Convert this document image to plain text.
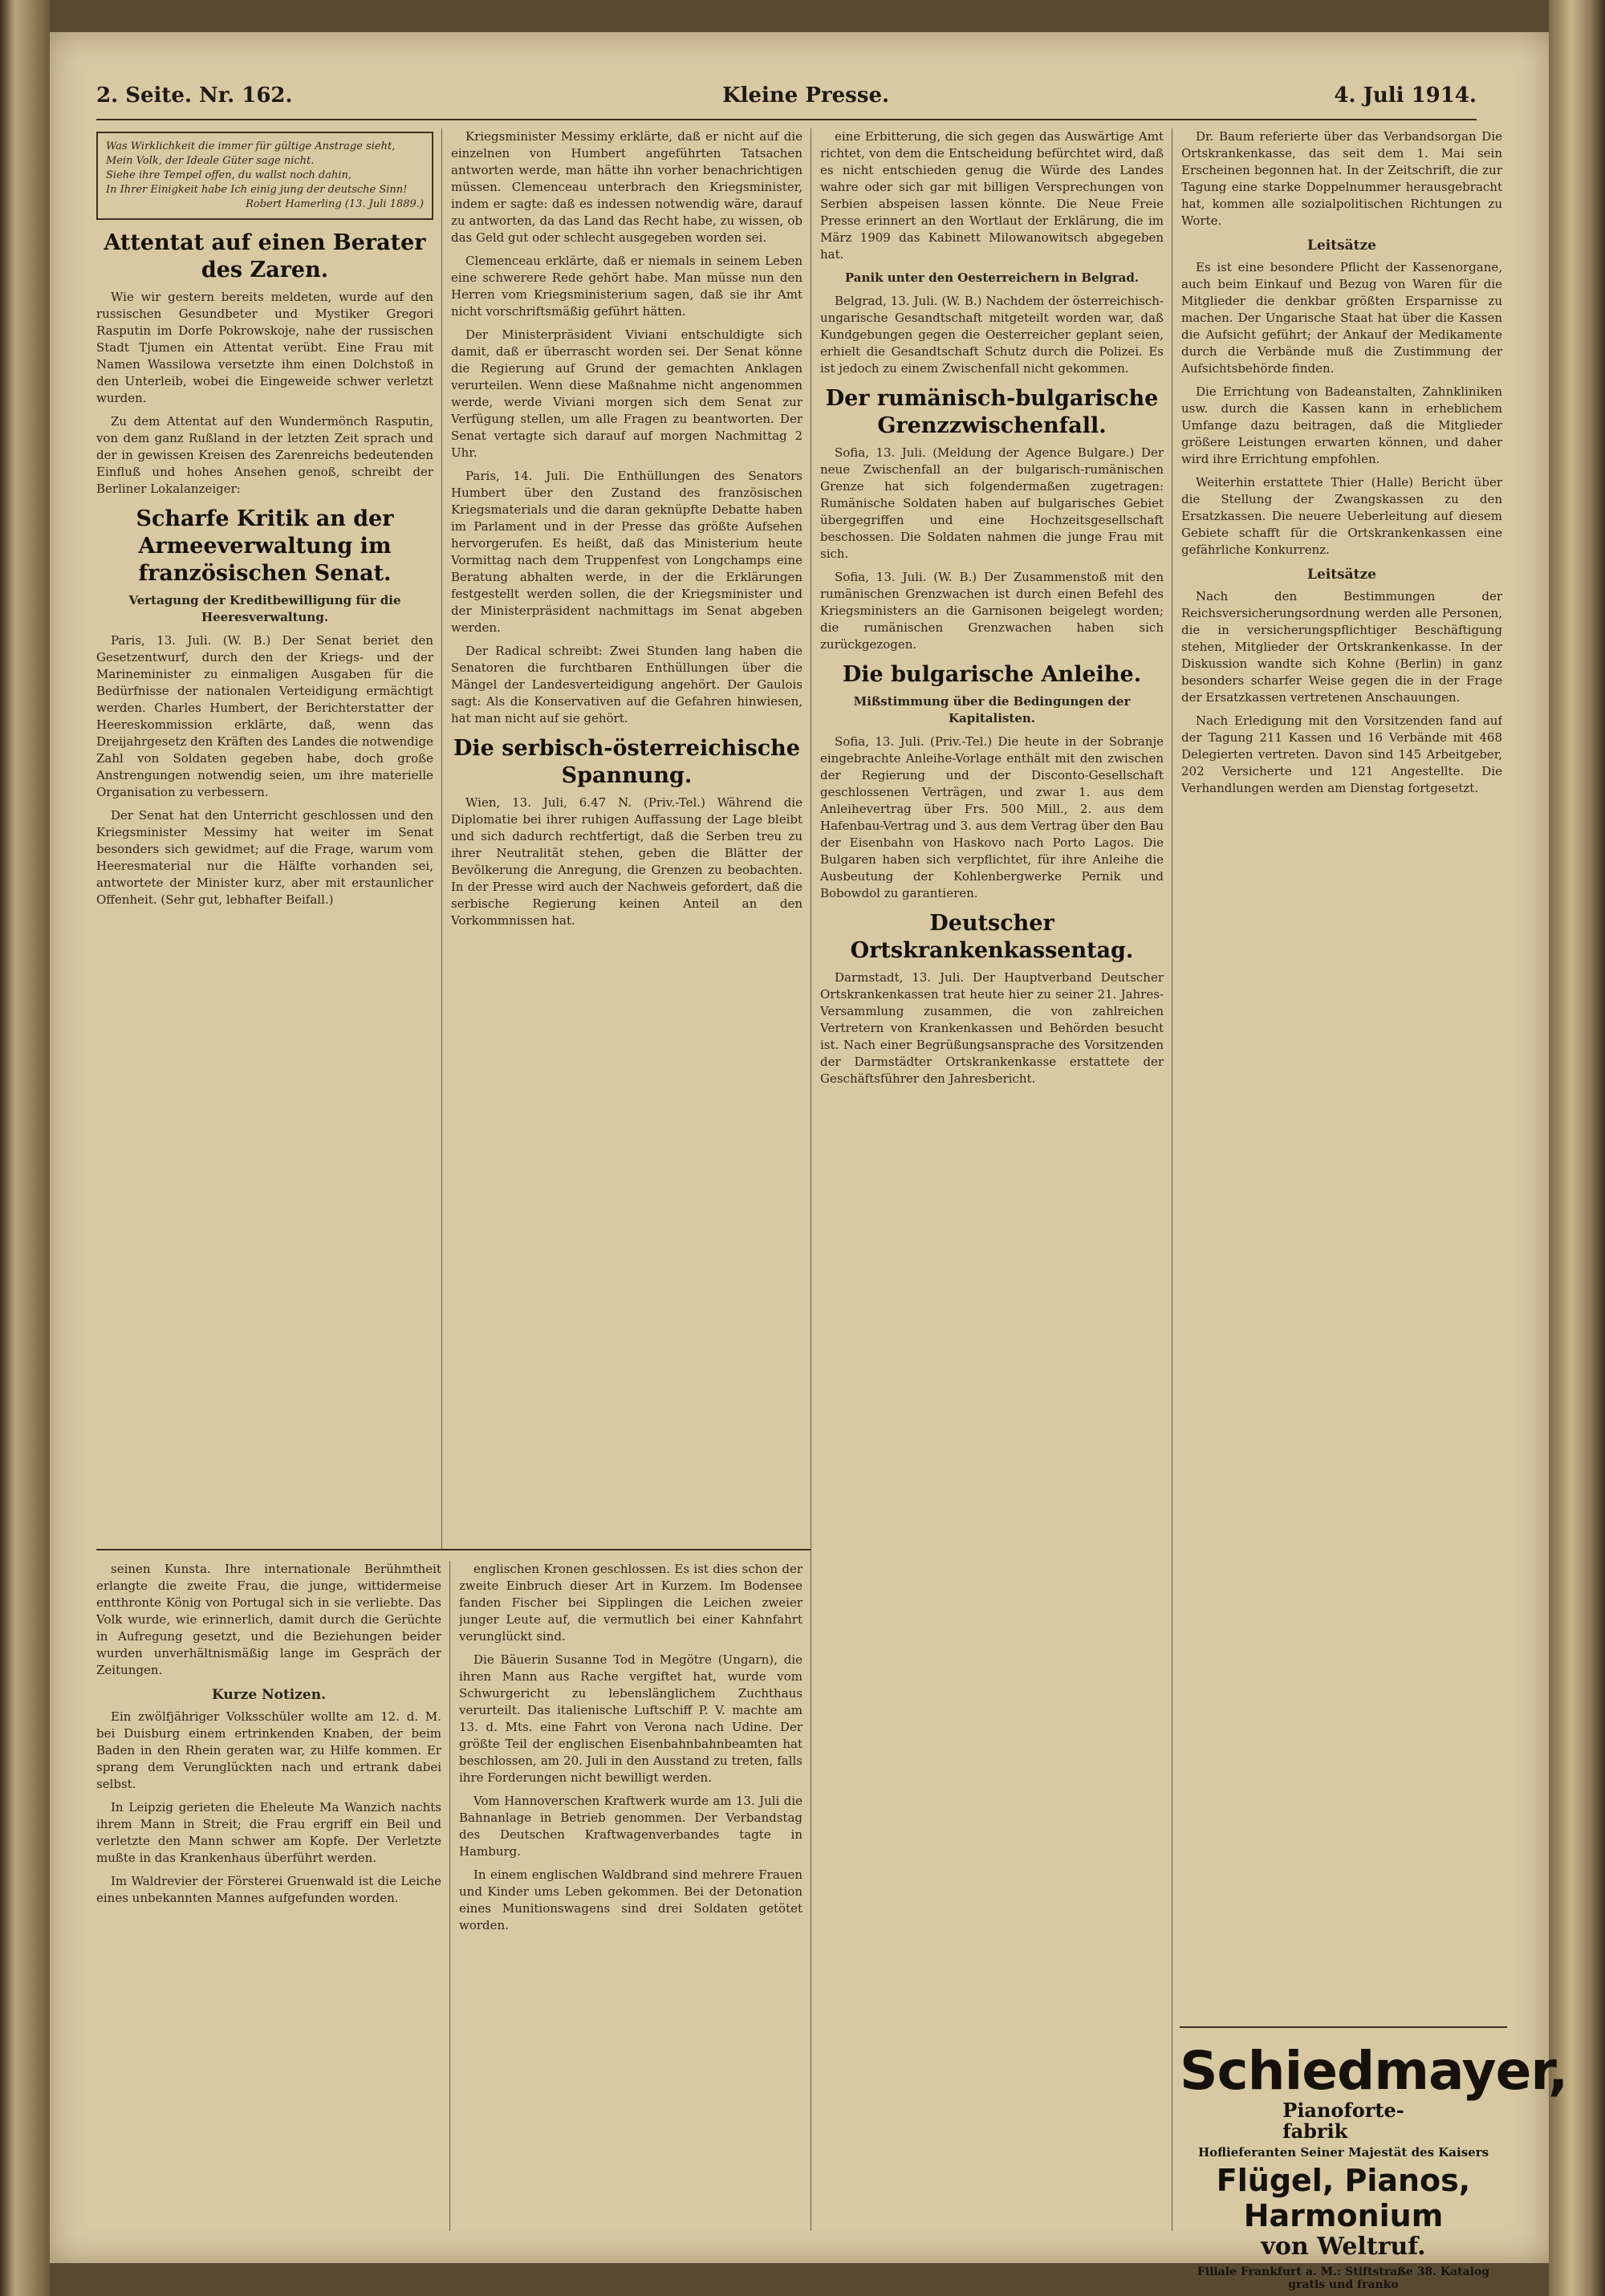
2. Seite. Nr. 162.	Kleine Presse.	4. Juli 1914.
Was Wirklichkeit die immer für gültige Anstrage sieht,
Mein Volk, der Ideale Güter sage nicht.
Siehe ihre Tempel offen, du wallst noch dahin,
In Ihrer Einigkeit habe Ich einig jung der deutsche Sinn!
Robert Hamerling (13. Juli 1889.)
Attentat auf einen Berater des Zaren.

Wie wir gestern bereits meldeten, wurde auf den russischen Gesundbeter und Mystiker Gregori Rasputin im Dorfe Pokrowskoje, nahe der russischen Stadt Tjumen ein Attentat verübt. Eine Frau mit Namen Wassilowa versetzte ihm einen Dolchstoß in den Unterleib, wobei die Eingeweide schwer verletzt wurden.

Zu dem Attentat auf den Wundermönch Rasputin, von dem ganz Rußland in der letzten Zeit sprach und der in gewissen Kreisen des Zarenreichs bedeutenden Einfluß und hohes Ansehen genoß, schreibt der Berliner Lokalanzeiger:

Scharfe Kritik an der Armeeverwaltung im französischen Senat.
Vertagung der Kreditbewilligung für die Heeresverwaltung.

Paris, 13. Juli. (W. B.) Der Senat beriet den Gesetzentwurf, durch den der Kriegs- und der Marineminister zu einmaligen Ausgaben für die Bedürfnisse der nationalen Verteidigung ermächtigt werden. Charles Humbert, der Berichterstatter der Heereskommission erklärte, daß, wenn das Dreijahrgesetz den Kräften des Landes die notwendige Zahl von Soldaten gegeben habe, doch große Anstrengungen notwendig seien, um ihre materielle Organisation zu verbessern.

Der Senat hat den Unterricht geschlossen und den Kriegsminister Messimy hat weiter im Senat besonders sich gewidmet; auf die Frage, warum vom Heeresmaterial nur die Hälfte vorhanden sei, antwortete der Minister kurz, aber mit erstaunlicher Offenheit. (Sehr gut, lebhafter Beifall.)

Kriegsminister Messimy erklärte, daß er nicht auf die einzelnen von Humbert angeführten Tatsachen antworten werde, man hätte ihn vorher benachrichtigen müssen. Clemenceau unterbrach den Kriegsminister, indem er sagte: daß es indessen notwendig wäre, darauf zu antworten, da das Land das Recht habe, zu wissen, ob das Geld gut oder schlecht ausgegeben worden sei.

Clemenceau erklärte, daß er niemals in seinem Leben eine schwerere Rede gehört habe. Man müsse nun den Herren vom Kriegsministerium sagen, daß sie ihr Amt nicht vorschriftsmäßig geführt hätten.

Der Ministerpräsident Viviani entschuldigte sich damit, daß er überrascht worden sei. Der Senat könne die Regierung auf Grund der gemachten Anklagen verurteilen. Wenn diese Maßnahme nicht angenommen werde, werde Viviani morgen sich dem Senat zur Verfügung stellen, um alle Fragen zu beantworten. Der Senat vertagte sich darauf auf morgen Nachmittag 2 Uhr.

Paris, 14. Juli. Die Enthüllungen des Senators Humbert über den Zustand des französischen Kriegsmaterials und die daran geknüpfte Debatte haben im Parlament und in der Presse das größte Aufsehen hervorgerufen. Es heißt, daß das Ministerium heute Vormittag nach dem Truppenfest von Longchamps eine Beratung abhalten werde, in der die Erklärungen festgestellt werden sollen, die der Kriegsminister und der Ministerpräsident nachmittags im Senat abgeben werden.

Der Radical schreibt: Zwei Stunden lang haben die Senatoren die furchtbaren Enthüllungen über die Mängel der Landesverteidigung angehört. Der Gaulois sagt: Als die Konservativen auf die Gefahren hinwiesen, hat man nicht auf sie gehört.

Die serbisch-österreichische Spannung.

Wien, 13. Juli, 6.47 N. (Priv.-Tel.) Während die Diplomatie bei ihrer ruhigen Auffassung der Lage bleibt und sich dadurch rechtfertigt, daß die Serben treu zu ihrer Neutralität stehen, geben die Blätter der Bevölkerung die Anregung, die Grenzen zu beobachten. In der Presse wird auch der Nachweis gefordert, daß die serbische Regierung keinen Anteil an den Vorkommnissen hat.

eine Erbitterung, die sich gegen das Auswärtige Amt richtet, von dem die Entscheidung befürchtet wird, daß es nicht entschieden genug die Würde des Landes wahre oder sich gar mit billigen Versprechungen von Serbien abspeisen lassen könnte. Die Neue Freie Presse erinnert an den Wortlaut der Erklärung, die im März 1909 das Kabinett Milowanowitsch abgegeben hat.

Panik unter den Oesterreichern in Belgrad.

Belgrad, 13. Juli. (W. B.) Nachdem der österreichisch-ungarische Gesandtschaft mitgeteilt worden war, daß Kundgebungen gegen die Oesterreicher geplant seien, erhielt die Gesandtschaft Schutz durch die Polizei. Es ist jedoch zu einem Zwischenfall nicht gekommen.

Der rumänisch-bulgarische Grenzzwischenfall.

Sofia, 13. Juli. (Meldung der Agence Bulgare.) Der neue Zwischenfall an der bulgarisch-rumänischen Grenze hat sich folgendermaßen zugetragen: Rumänische Soldaten haben auf bulgarisches Gebiet übergegriffen und eine Hochzeitsgesellschaft beschossen. Die Soldaten nahmen die junge Frau mit sich.

Sofia, 13. Juli. (W. B.) Der Zusammenstoß mit den rumänischen Grenzwachen ist durch einen Befehl des Kriegsministers an die Garnisonen beigelegt worden; die rumänischen Grenzwachen haben sich zurückgezogen.

Die bulgarische Anleihe.
Mißstimmung über die Bedingungen der Kapitalisten.

Sofia, 13. Juli. (Priv.-Tel.) Die heute in der Sobranje eingebrachte Anleihe-Vorlage enthält mit den zwischen der Regierung und der Disconto-Gesellschaft geschlossenen Verträgen, und zwar 1. aus dem Anleihevertrag über Frs. 500 Mill., 2. aus dem Hafenbau-Vertrag und 3. aus dem Vertrag über den Bau der Eisenbahn von Haskovo nach Porto Lagos. Die Bulgaren haben sich verpflichtet, für ihre Anleihe die Ausbeutung der Kohlenbergwerke Pernik und Bobowdol zu garantieren.

Deutscher Ortskrankenkassentag.

Darmstadt, 13. Juli. Der Hauptverband Deutscher Ortskrankenkassen trat heute hier zu seiner 21. Jahres-Versammlung zusammen, die von zahlreichen Vertretern von Krankenkassen und Behörden besucht ist. Nach einer Begrüßungsansprache des Vorsitzenden der Darmstädter Ortskrankenkasse erstattete der Geschäftsführer den Jahresbericht.

Dr. Baum referierte über das Verbandsorgan Die Ortskrankenkasse, das seit dem 1. Mai sein Erscheinen begonnen hat. In der Zeitschrift, die zur Tagung eine starke Doppelnummer herausgebracht hat, kommen alle sozialpolitischen Richtungen zu Worte.

Leitsätze

Es ist eine besondere Pflicht der Kassenorgane, auch beim Einkauf und Bezug von Waren für die Mitglieder die denkbar größten Ersparnisse zu machen. Der Ungarische Staat hat über die Kassen die Aufsicht geführt; der Ankauf der Medikamente durch die Verbände muß die Zustimmung der Aufsichtsbehörde finden.

Die Errichtung von Badeanstalten, Zahnkliniken usw. durch die Kassen kann in erheblichem Umfange dazu beitragen, daß die Mitglieder größere Leistungen erwarten können, und daher wird ihre Errichtung empfohlen.

Weiterhin erstattete Thier (Halle) Bericht über die Stellung der Zwangskassen zu den Ersatzkassen. Die neuere Ueberleitung auf diesem Gebiete schafft für die Ortskrankenkassen eine gefährliche Konkurrenz.

Leitsätze

Nach den Bestimmungen der Reichsversicherungsordnung werden alle Personen, die in versicherungspflichtiger Beschäftigung stehen, Mitglieder der Ortskrankenkasse. In der Diskussion wandte sich Kohne (Berlin) in ganz besonders scharfer Weise gegen die in der Frage der Ersatzkassen vertretenen Anschauungen.

Nach Erledigung mit den Vorsitzenden fand auf der Tagung 211 Kassen und 16 Verbände mit 468 Delegierten vertreten. Davon sind 145 Arbeitgeber, 202 Versicherte und 121 Angestellte. Die Verhandlungen werden am Dienstag fortgesetzt.

seinen Kunsta. Ihre internationale Berühmtheit erlangte die zweite Frau, die junge, wittidermeise entthronte König von Portugal sich in sie verliebte. Das Volk wurde, wie erinnerlich, damit durch die Gerüchte in Aufregung gesetzt, und die Beziehungen beider wurden unverhältnismäßig lange im Gespräch der Zeitungen.

Kurze Notizen.

Ein zwölfjähriger Volksschüler wollte am 12. d. M. bei Duisburg einem ertrinkenden Knaben, der beim Baden in den Rhein geraten war, zu Hilfe kommen. Er sprang dem Verunglückten nach und ertrank dabei selbst.

In Leipzig gerieten die Eheleute Ma Wanzich nachts ihrem Mann in Streit; die Frau ergriff ein Beil und verletzte den Mann schwer am Kopfe. Der Verletzte mußte in das Krankenhaus überführt werden.

Im Waldrevier der Försterei Gruenwald ist die Leiche eines unbekannten Mannes aufgefunden worden.

englischen Kronen geschlossen. Es ist dies schon der zweite Einbruch dieser Art in Kurzem. Im Bodensee fanden Fischer bei Sipplingen die Leichen zweier junger Leute auf, die vermutlich bei einer Kahnfahrt verunglückt sind.

Die Bäuerin Susanne Tod in Megötre (Ungarn), die ihren Mann aus Rache vergiftet hat, wurde vom Schwurgericht zu lebenslänglichem Zuchthaus verurteilt. Das italienische Luftschiff P. V. machte am 13. d. Mts. eine Fahrt von Verona nach Udine. Der größte Teil der englischen Eisenbahnbahnbeamten hat beschlossen, am 20. Juli in den Ausstand zu treten, falls ihre Forderungen nicht bewilligt werden.

Vom Hannoverschen Kraftwerk wurde am 13. Juli die Bahnanlage in Betrieb genommen. Der Verbandstag des Deutschen Kraftwagenverbandes tagte in Hamburg.

In einem englischen Waldbrand sind mehrere Frauen und Kinder ums Leben gekommen. Bei der Detonation eines Munitionswagens sind drei Soldaten getötet worden.

Schiedmayer, Pianoforte-
fabrik
Hoflieferanten Seiner Majestät des Kaisers
Flügel, Pianos, Harmonium
von Weltruf.
Filiale Frankfurt a. M.: Stiftstraße 38. Katalog gratis und franko
